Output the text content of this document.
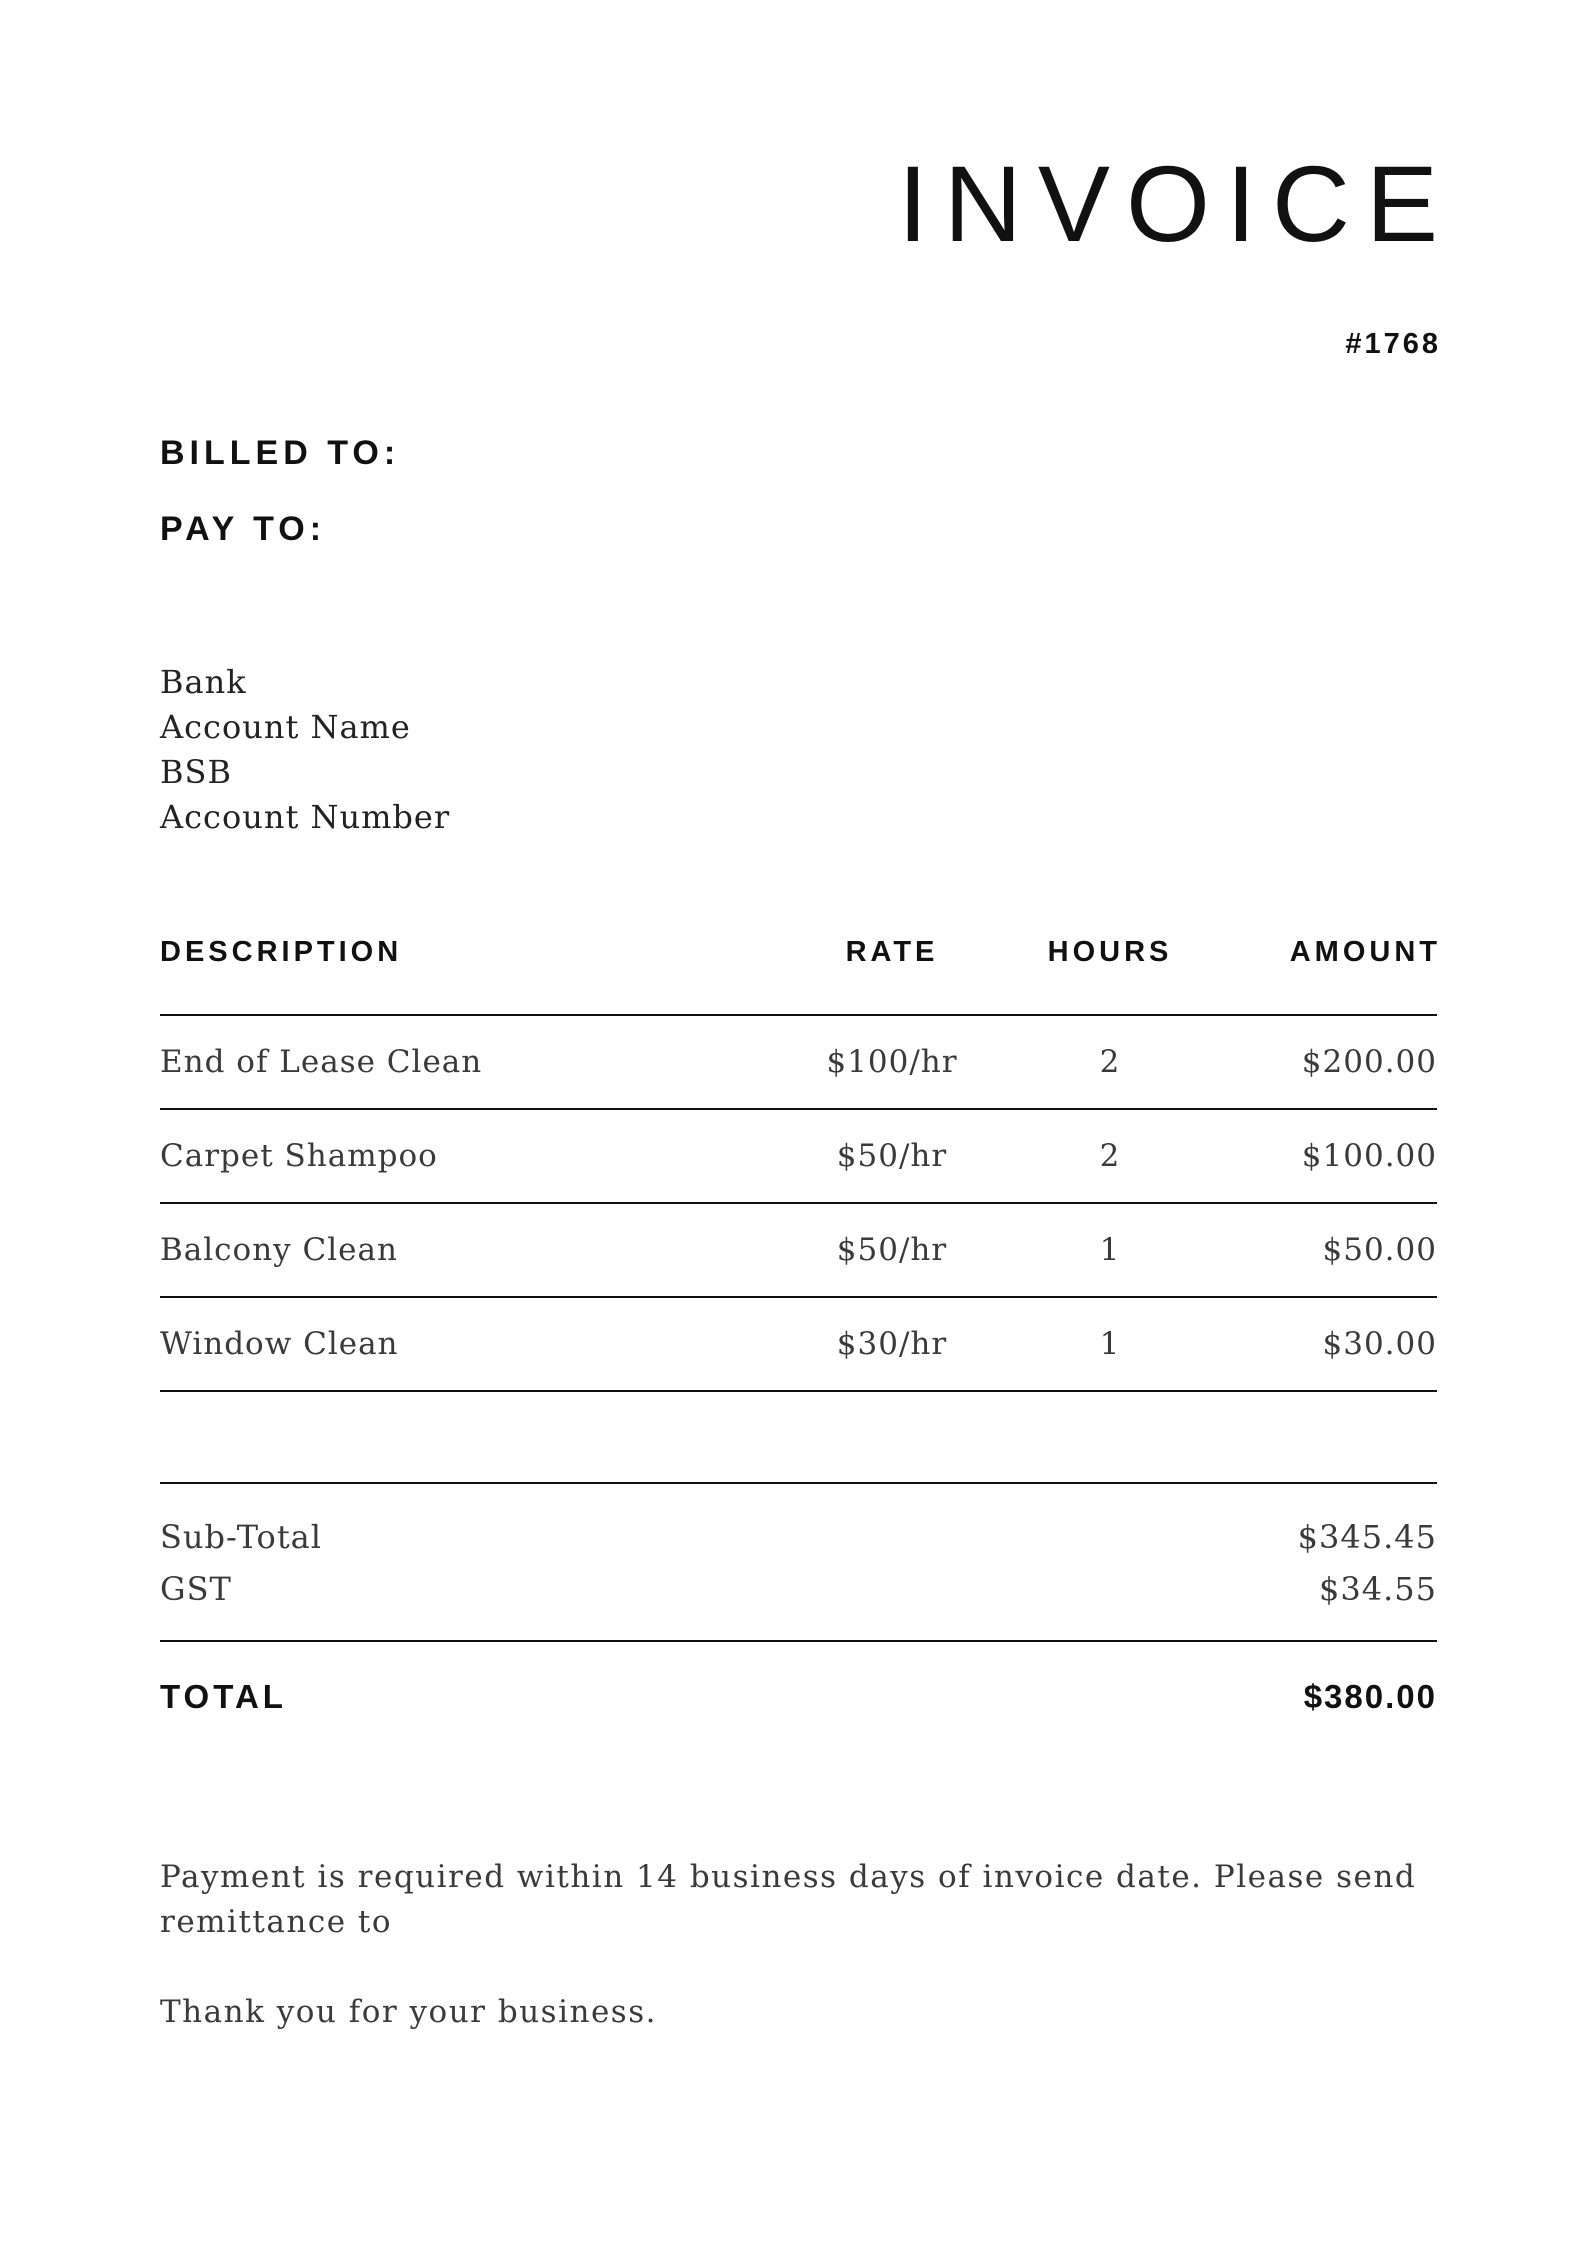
INVOICE
#1768
BILLED TO:
PAY TO:
Bank
Account Name
BSB
Account Number
DESCRIPTION	RATE	HOURS	AMOUNT
End of Lease Clean	$100/hr	2	$200.00
Carpet Shampoo	$50/hr	2	$100.00
Balcony Clean	$50/hr	1	$50.00
Window Clean	$30/hr	1	$30.00
Sub-Total	$345.45
GST	$34.55
TOTAL	$380.00
Payment is required within 14 business days of invoice date. Please send remittance to
Thank you for your business.
